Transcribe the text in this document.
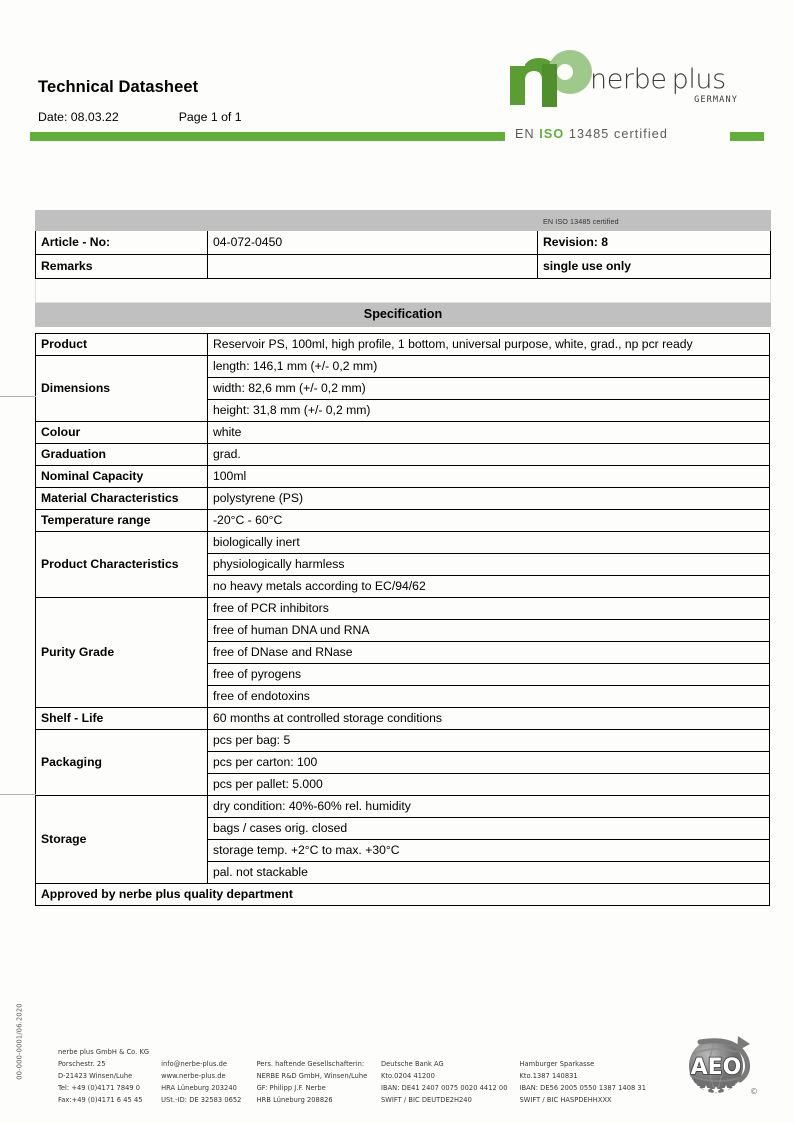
Technical Datasheet
Date: 08.03.22	Page 1 of 1
nerbe plus
GERMANY
EN ISO 13485 certified
		EN ISO 13485 certified
Article - No:	04-072-0450	Revision: 8
Remarks		single use only

Specification		
Product	Reservoir PS, 100ml, high profile, 1 bottom, universal purpose, white, grad., np pcr ready
Dimensions	length: 146,1 mm (+/- 0,2 mm)
	width: 82,6 mm (+/- 0,2 mm)
	height: 31,8 mm (+/- 0,2 mm)
Colour	white
Graduation	grad.
Nominal Capacity	100ml
Material Characteristics	polystyrene (PS)
Temperature range	-20°C - 60°C
Product Characteristics	biologically inert
	physiologically harmless
	no heavy metals according to EC/94/62
Purity Grade	free of PCR inhibitors
	free of human DNA und RNA
	free of DNase and RNase
	free of pyrogens
	free of endotoxins
Shelf - Life	60 months at controlled storage conditions
Packaging	pcs per bag: 5
	pcs per carton: 100
	pcs per pallet: 5.000
Storage	dry condition: 40%-60% rel. humidity
	bags / cases orig. closed
	storage temp. +2°C to max. +30°C
	pal. not stackable
Approved by nerbe plus quality department	
nerbe plus GmbH & Co. KG
Porschestr. 25
D-21423 Winsen/Luhe
Tel: +49 (0)4171 7849 0
Fax:+49 (0)4171 6 45 45

info@nerbe-plus.de
www.nerbe-plus.de
HRA Lüneburg 203240
USt.-ID: DE 32583 0652

Pers. haftende Gesellschafterin:
NERBE R&D GmbH, Winsen/Luhe
GF: Philipp J.F. Nerbe
HRB Lüneburg 208826

Deutsche Bank AG
Kto.0204 41200
IBAN: DE41 2407 0075 0020 4412 00
SWIFT / BIC DEUTDE2H240

Hamburger Sparkasse
Kto.1387 140831
IBAN: DE56 2005 0550 1387 1408 31
SWIFT / BIC HASPDEHHXXX
00-000-0001/06.2020	AEO
©
